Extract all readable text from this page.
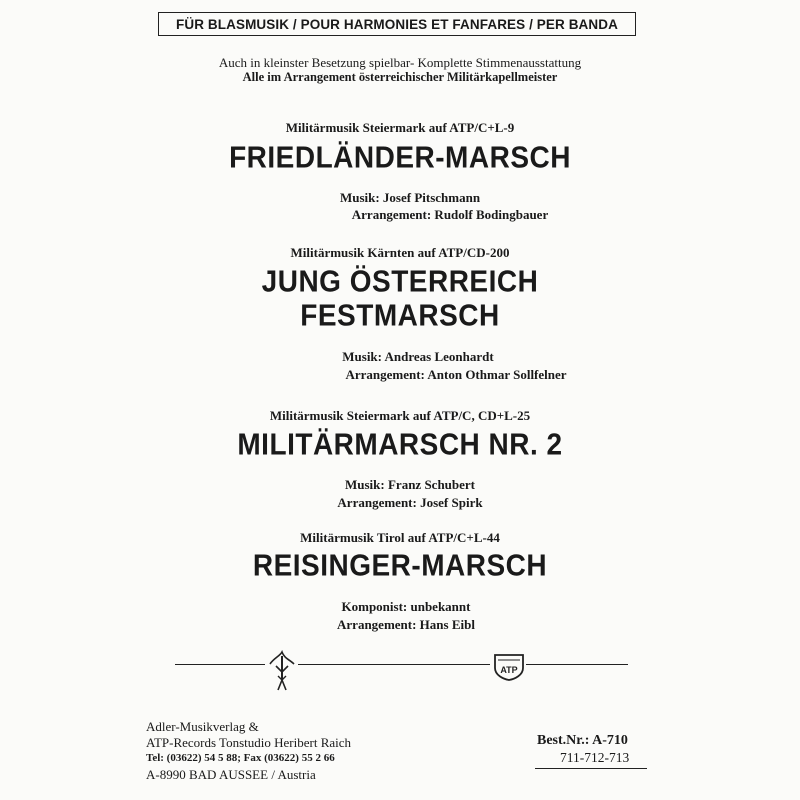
FÜR BLASMUSIK / POUR HARMONIES ET FANFARES / PER BANDA
Auch in kleinster Besetzung spielbar- Komplette Stimmenausstattung
Alle im Arrangement österreichischer Militärkapellmeister
Militärmusik Steiermark auf ATP/C+L-9
FRIEDLÄNDER-MARSCH
Musik: Josef Pitschmann
Arrangement: Rudolf Bodingbauer
Militärmusik Kärnten auf ATP/CD-200
JUNG ÖSTERREICH
FESTMARSCH
Musik: Andreas Leonhardt
Arrangement: Anton Othmar Sollfelner
Militärmusik Steiermark auf ATP/C, CD+L-25
MILITÄRMARSCH NR. 2
Musik: Franz Schubert
Arrangement: Josef Spirk
Militärmusik Tirol auf ATP/C+L-44
REISINGER-MARSCH
Komponist: unbekannt
Arrangement: Hans Eibl
ATP
Adler-Musikverlag &
ATP-Records Tonstudio Heribert Raich
Tel: (03622) 54 5 88; Fax (03622) 55 2 66
A-8990 BAD AUSSEE / Austria
Best.Nr.: A-710
711-712-713
